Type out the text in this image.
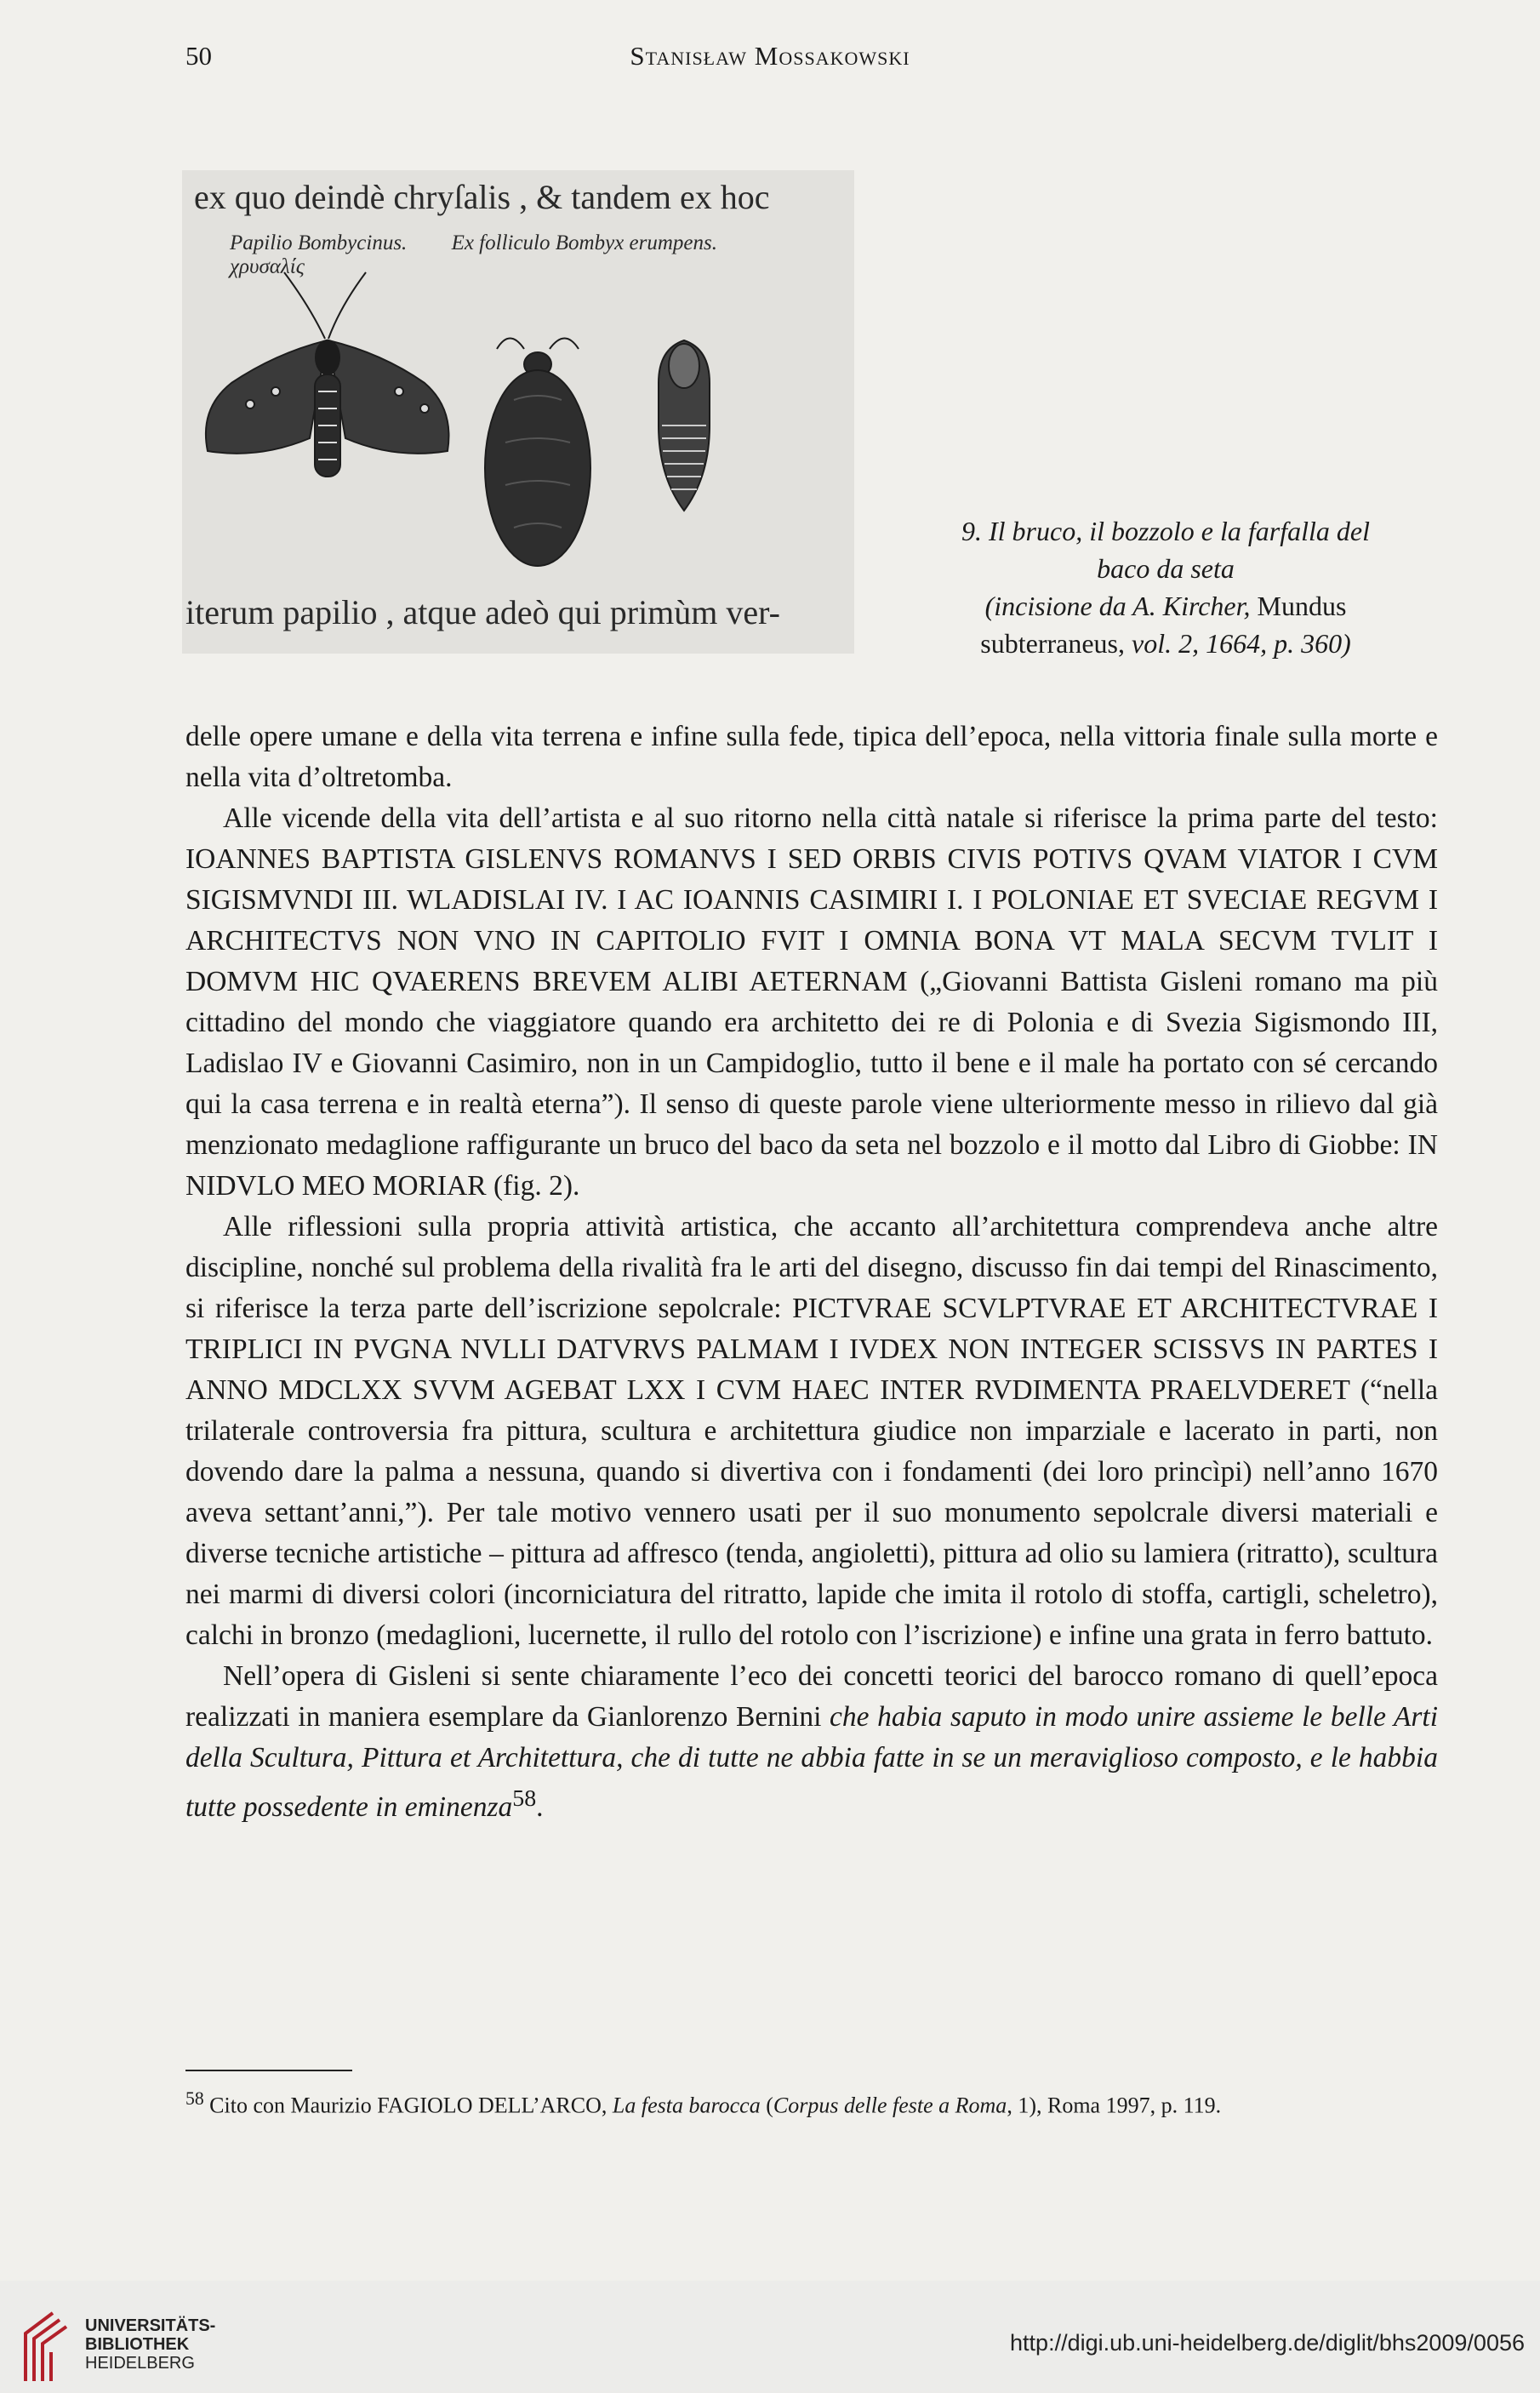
50	Stanisław Mossakowski
ex quo deindè chryſalis , & tandem ex hoc
Papilio Bombycinus. Ex folliculo Bombyx erumpens. χρυσαλίς
iterum papilio , atque adeò qui primùm ver-
9. Il bruco, il bozzolo e la farfalla del
baco da seta
(incisione da A. Kircher, Mundus
subterraneus, vol. 2, 1664, p. 360)

delle opere umane e della vita terrena e infine sulla fede, tipica dell’epoca, nella vittoria finale sulla morte e nella vita d’oltretomba.

Alle vicende della vita dell’artista e al suo ritorno nella città natale si riferisce la prima parte del testo: IOANNES BAPTISTA GISLENVS ROMANVS I SED ORBIS CIVIS POTIVS QVAM VIATOR I CVM SIGISMVNDI III. WLADISLAI IV. I AC IOANNIS CASIMIRI I. I POLONIAE ET SVECIAE REGVM I ARCHITECTVS NON VNO IN CAPITOLIO FVIT I OMNIA BONA VT MALA SECVM TVLIT I DOMVM HIC QVAERENS BREVEM ALIBI AETERNAM („Giovanni Battista Gisleni romano ma più cittadino del mondo che viaggiatore quando era architetto dei re di Polonia e di Svezia Sigismondo III, Ladislao IV e Giovanni Casimiro, non in un Campidoglio, tutto il bene e il male ha portato con sé cercando qui la casa terrena e in realtà eterna”). Il senso di queste parole viene ulteriormente messo in rilievo dal già menzionato medaglione raffigurante un bruco del baco da seta nel bozzolo e il motto dal Libro di Giobbe: IN NIDVLO MEO MORIAR (fig. 2).

Alle riflessioni sulla propria attività artistica, che accanto all’architettura comprendeva anche altre discipline, nonché sul problema della rivalità fra le arti del disegno, discusso fin dai tempi del Rinascimento, si riferisce la terza parte dell’iscrizione sepolcrale: PICTVRAE SCVLPTVRAE ET ARCHITECTVRAE I TRIPLICI IN PVGNA NVLLI DATVRVS PALMAM I IVDEX NON INTEGER SCISSVS IN PARTES I ANNO MDCLXX SVVM AGEBAT LXX I CVM HAEC INTER RVDIMENTA PRAELVDERET (“nella trilaterale controversia fra pittura, scultura e architettura giudice non imparziale e lacerato in parti, non dovendo dare la palma a nessuna, quando si divertiva con i fondamenti (dei loro princìpi) nell’anno 1670 aveva settant’anni,”). Per tale motivo vennero usati per il suo monumento sepolcrale diversi materiali e diverse tecniche artistiche – pittura ad affresco (tenda, angioletti), pittura ad olio su lamiera (ritratto), scultura nei marmi di diversi colori (incorniciatura del ritratto, lapide che imita il rotolo di stoffa, cartigli, scheletro), calchi in bronzo (medaglioni, lucernette, il rullo del rotolo con l’iscrizione) e infine una grata in ferro battuto.

Nell’opera di Gisleni si sente chiaramente l’eco dei concetti teorici del barocco romano di quell’epoca realizzati in maniera esemplare da Gianlorenzo Bernini che habia saputo in modo unire assieme le belle Arti della Scultura, Pittura et Architettura, che di tutte ne abbia fatte in se un meraviglioso composto, e le habbia tutte possedente in eminenza$^{58}$.

$^{58}$ Cito con Maurizio FAGIOLO DELL’ARCO, La festa barocca (Corpus delle feste a Roma, 1), Roma 1997, p. 119.
UNIVERSITÄTS-
BIBLIOTHEK
HEIDELBERG
http://digi.ub.uni-heidelberg.de/diglit/bhs2009/0056
